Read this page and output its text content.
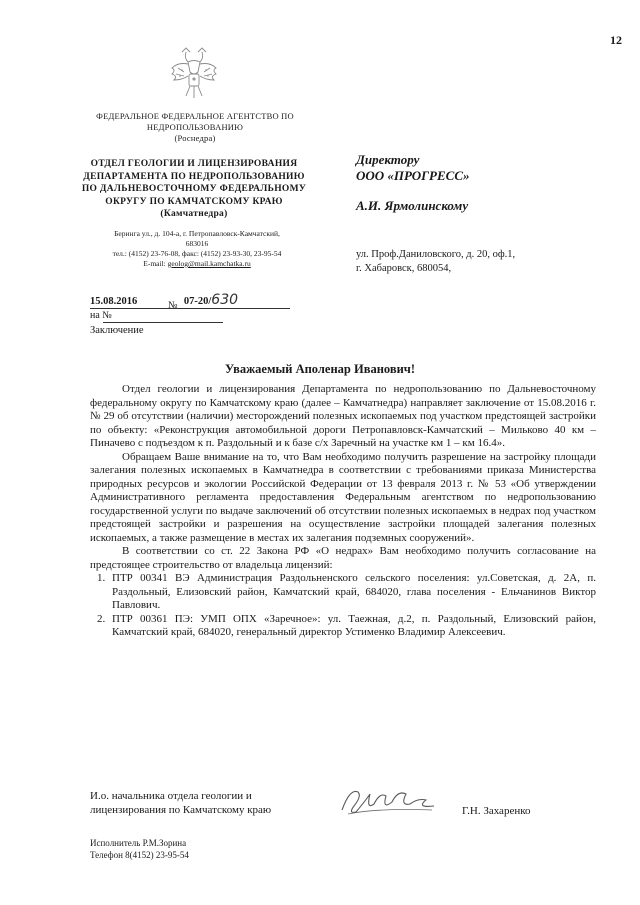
12
ФЕДЕРАЛЬНОЕ ФЕДЕРАЛЬНОЕ АГЕНТСТВО ПО
НЕДРОПОЛЬЗОВАНИЮ
(Роснедра)
ОТДЕЛ ГЕОЛОГИИ И ЛИЦЕНЗИРОВАНИЯ
ДЕПАРТАМЕНТА ПО НЕДРОПОЛЬЗОВАНИЮ
ПО ДАЛЬНЕВОСТОЧНОМУ ФЕДЕРАЛЬНОМУ
ОКРУГУ ПО КАМЧАТСКОМУ КРАЮ
(Камчатнедра)
Беринга ул., д. 104-а, г. Петропавловск-Камчатский,
683016
тел.: (4152) 23-76-08, факс: (4152) 23-93-30, 23-95-54
E-mail: geolog@mail.kamchatka.ru
Директору
ООО «ПРОГРЕСС»
А.И. Ярмолинскому
ул. Проф.Даниловского, д. 20, оф.1,
г. Хабаровск, 680054,
15.08.2016	07-20/630
№
на №
Заключение
Уважаемый Аполенар Иванович!

Отдел геологии и лицензирования Департамента по недропользованию по Дальневосточному федеральному округу по Камчатскому краю (далее – Камчатнедра) направляет заключение от 15.08.2016 г. № 29 об отсутствии (наличии) месторождений полезных ископаемых под участком предстоящей застройки по объекту: «Реконструкция автомобильной дороги Петропавловск-Камчатский – Мильково 40 км – Пиначево с подъездом к п. Раздольный и к базе с/х Заречный на участке км 1 – км 16.4».

Обращаем Ваше внимание на то, что Вам необходимо получить разрешение на застройку площади залегания полезных ископаемых в Камчатнедра в соответствии с требованиями приказа Министерства природных ресурсов и экологии Российской Федерации от 13 февраля 2013 г. № 53 «Об утверждении Административного регламента предоставления Федеральным агентством по недропользованию государственной услуги по выдаче заключений об отсутствии полезных ископаемых в недрах под участком предстоящей застройки и разрешения на осуществление застройки площадей залегания полезных ископаемых, а также размещение в местах их залегания подземных сооружений».

В соответствии со ст. 22 Закона РФ «О недрах» Вам необходимо получить согласование на предстоящее строительство от владельца лицензий:

1. ПТР 00341 ВЭ Администрация Раздольненского сельского поселения: ул.Советская, д. 2А, п. Раздольный, Елизовский район, Камчатский край, 684020, глава поселения - Ельчанинов Виктор Павлович.
2. ПТР 00361 ПЭ: УМП ОПХ «Заречное»: ул. Таежная, д.2, п. Раздольный, Елизовский район, Камчатский край, 684020, генеральный директор Устименко Владимир Алексеевич.
И.о. начальника отдела геологии и
лицензирования по Камчатскому краю	Г.Н. Захаренко
Исполнитель Р.М.Зорина
Телефон 8(4152) 23-95-54
